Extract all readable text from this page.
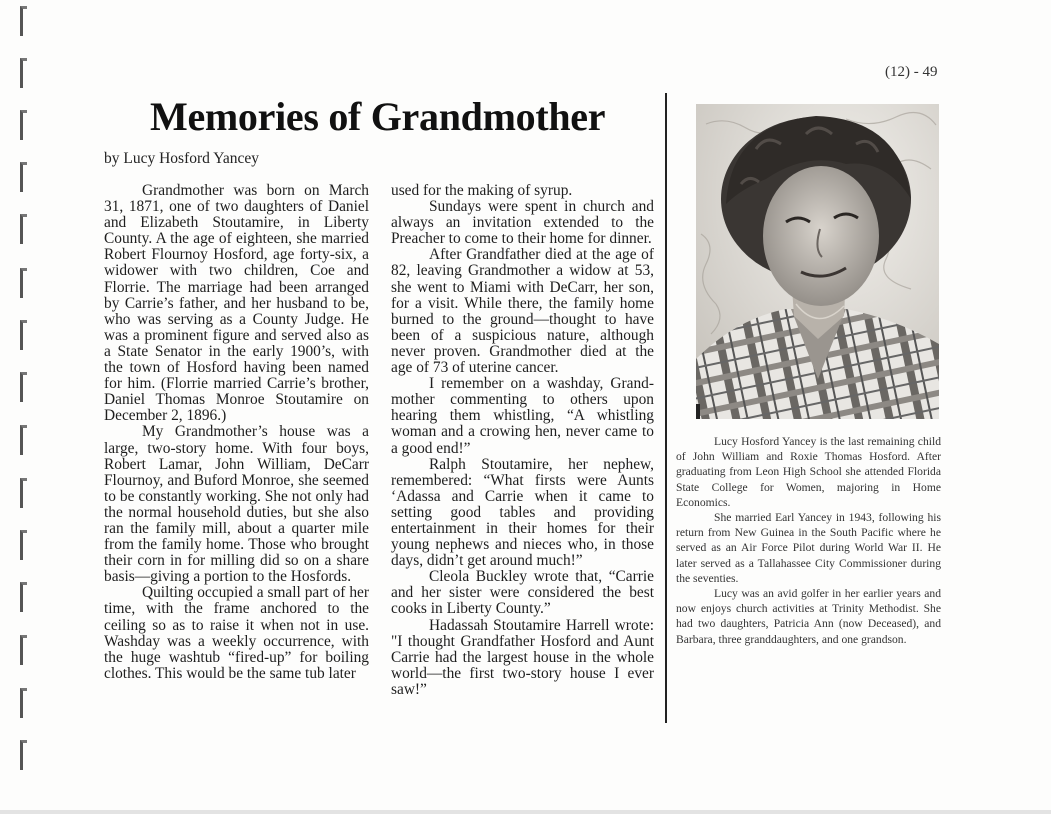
(12) - 49
Memories of Grandmother
by Lucy Hosford Yancey

Grandmother was born on March 31, 1871, one of two daughters of Daniel and Elizabeth Stoutamire, in Liberty County. A the age of eighteen, she married Robert Flournoy Hosford, age forty-six, a widower with two children, Coe and Florrie. The marriage had been arranged by Carrie’s father, and her husband to be, who was serving as a County Judge. He was a prominent figure and served also as a State Senator in the early 1900’s, with the town of Hosford having been named for him. (Florrie married Carrie’s brother, Daniel Thomas Monroe Stoutamire on December 2, 1896.)

My Grandmother’s house was a large, two-story home. With four boys, Robert Lamar, John William, DeCarr Flournoy, and Buford Monroe, she seemed to be constantly working. She not only had the normal household duties, but she also ran the family mill, about a quarter mile from the family home. Those who brought their corn in for milling did so on a share basis—giving a portion to the Hosfords.

Quilting occupied a small part of her time, with the frame anchored to the ceiling so as to raise it when not in use. Washday was a weekly occurrence, with the huge washtub “fired-up” for boiling clothes. This would be the same tub later

used for the making of syrup.

Sundays were spent in church and always an invitation extended to the Preacher to come to their home for dinner.

After Grandfather died at the age of 82, leaving Grandmother a widow at 53, she went to Miami with DeCarr, her son, for a visit. While there, the family home burned to the ground—thought to have been of a suspicious nature, although never proven. Grandmother died at the age of 73 of uterine cancer.

I remember on a washday, Grand-mother commenting to others upon hearing them whistling, “A whistling woman and a crowing hen, never came to a good end!”

Ralph Stoutamire, her nephew, remembered: “What firsts were Aunts ‘Adassa and Carrie when it came to setting good tables and providing entertainment in their homes for their young nephews and nieces who, in those days, didn’t get around much!”

Cleola Buckley wrote that, “Carrie and her sister were considered the best cooks in Liberty County.”

Hadassah Stoutamire Harrell wrote: "I thought Grandfather Hosford and Aunt Carrie had the largest house in the whole world—the first two-story house I ever saw!”

Lucy Hosford Yancey is the last remaining child of John William and Roxie Thomas Hosford. After graduating from Leon High School she attended Florida State College for Women, majoring in Home Economics.

She married Earl Yancey in 1943, following his return from New Guinea in the South Pacific where he served as an Air Force Pilot during World War II. He later served as a Tallahassee City Commissioner during the seventies.

Lucy was an avid golfer in her earlier years and now enjoys church activities at Trinity Methodist. She had two daughters, Patricia Ann (now Deceased), and Barbara, three granddaughters, and one grandson.
